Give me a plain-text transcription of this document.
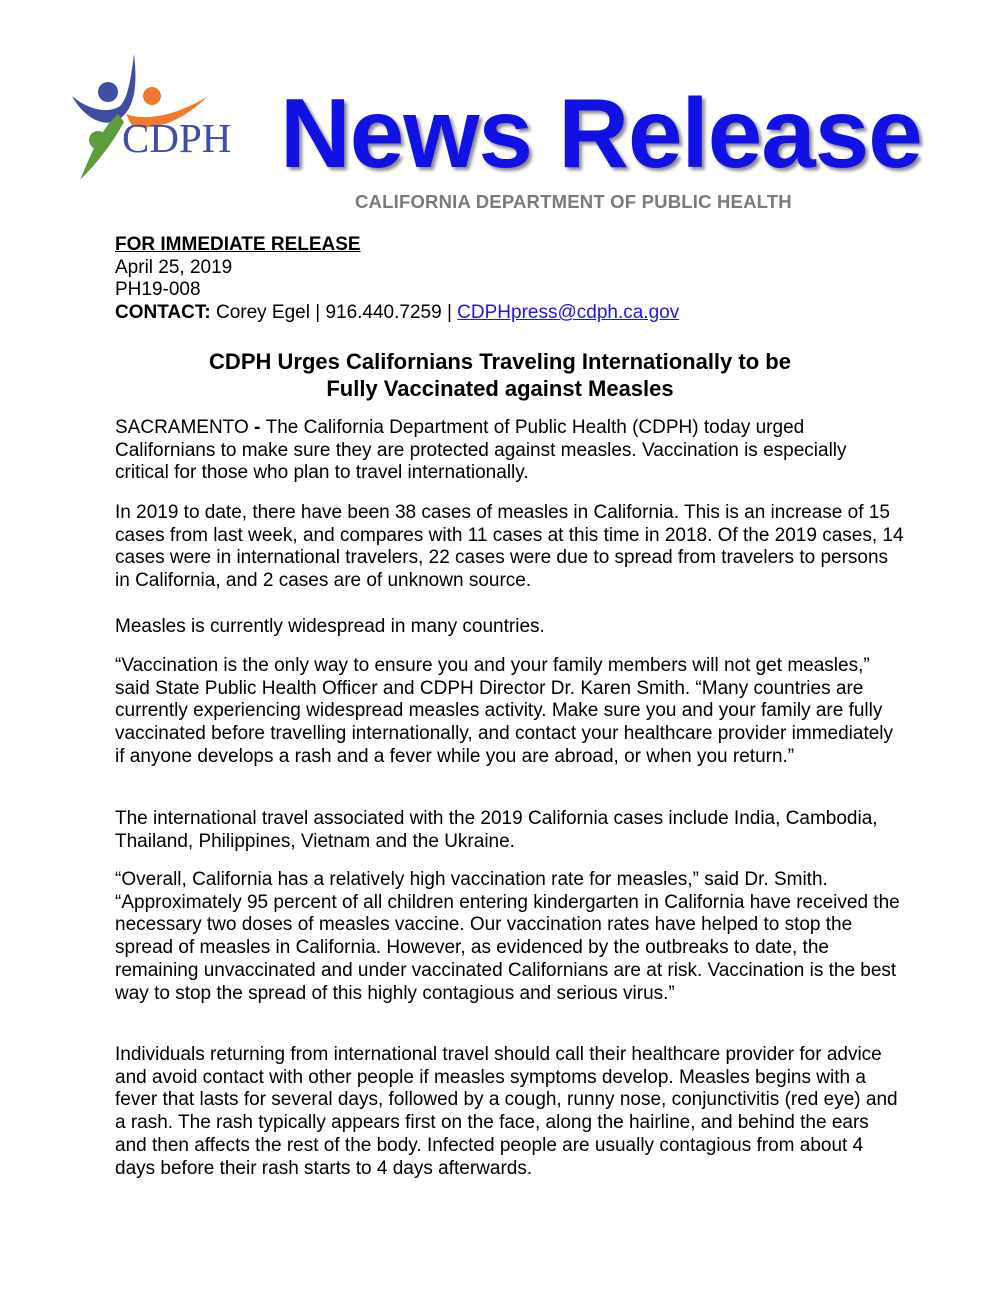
CDPH News Release
CALIFORNIA DEPARTMENT OF PUBLIC HEALTH
FOR IMMEDIATE RELEASE
April 25, 2019
PH19-008
CONTACT: Corey Egel | 916.440.7259 | CDPHpress@cdph.ca.gov
CDPH Urges Californians Traveling Internationally to be
Fully Vaccinated against Measles

SACRAMENTO - The California Department of Public Health (CDPH) today urged Californians to make sure they are protected against measles. Vaccination is especially critical for those who plan to travel internationally.

In 2019 to date, there have been 38 cases of measles in California. This is an increase of 15 cases from last week, and compares with 11 cases at this time in 2018. Of the 2019 cases, 14 cases were in international travelers, 22 cases were due to spread from travelers to persons in California, and 2 cases are of unknown source.

Measles is currently widespread in many countries.

“Vaccination is the only way to ensure you and your family members will not get measles,” said State Public Health Officer and CDPH Director Dr. Karen Smith. “Many countries are currently experiencing widespread measles activity. Make sure you and your family are fully vaccinated before travelling internationally, and contact your healthcare provider immediately if anyone develops a rash and a fever while you are abroad, or when you return.”

The international travel associated with the 2019 California cases include India, Cambodia, Thailand, Philippines, Vietnam and the Ukraine.

“Overall, California has a relatively high vaccination rate for measles,” said Dr. Smith. “Approximately 95 percent of all children entering kindergarten in California have received the necessary two doses of measles vaccine. Our vaccination rates have helped to stop the spread of measles in California. However, as evidenced by the outbreaks to date, the remaining unvaccinated and under vaccinated Californians are at risk. Vaccination is the best way to stop the spread of this highly contagious and serious virus.”

Individuals returning from international travel should call their healthcare provider for advice and avoid contact with other people if measles symptoms develop. Measles begins with a fever that lasts for several days, followed by a cough, runny nose, conjunctivitis (red eye) and a rash. The rash typically appears first on the face, along the hairline, and behind the ears and then affects the rest of the body. Infected people are usually contagious from about 4 days before their rash starts to 4 days afterwards.
